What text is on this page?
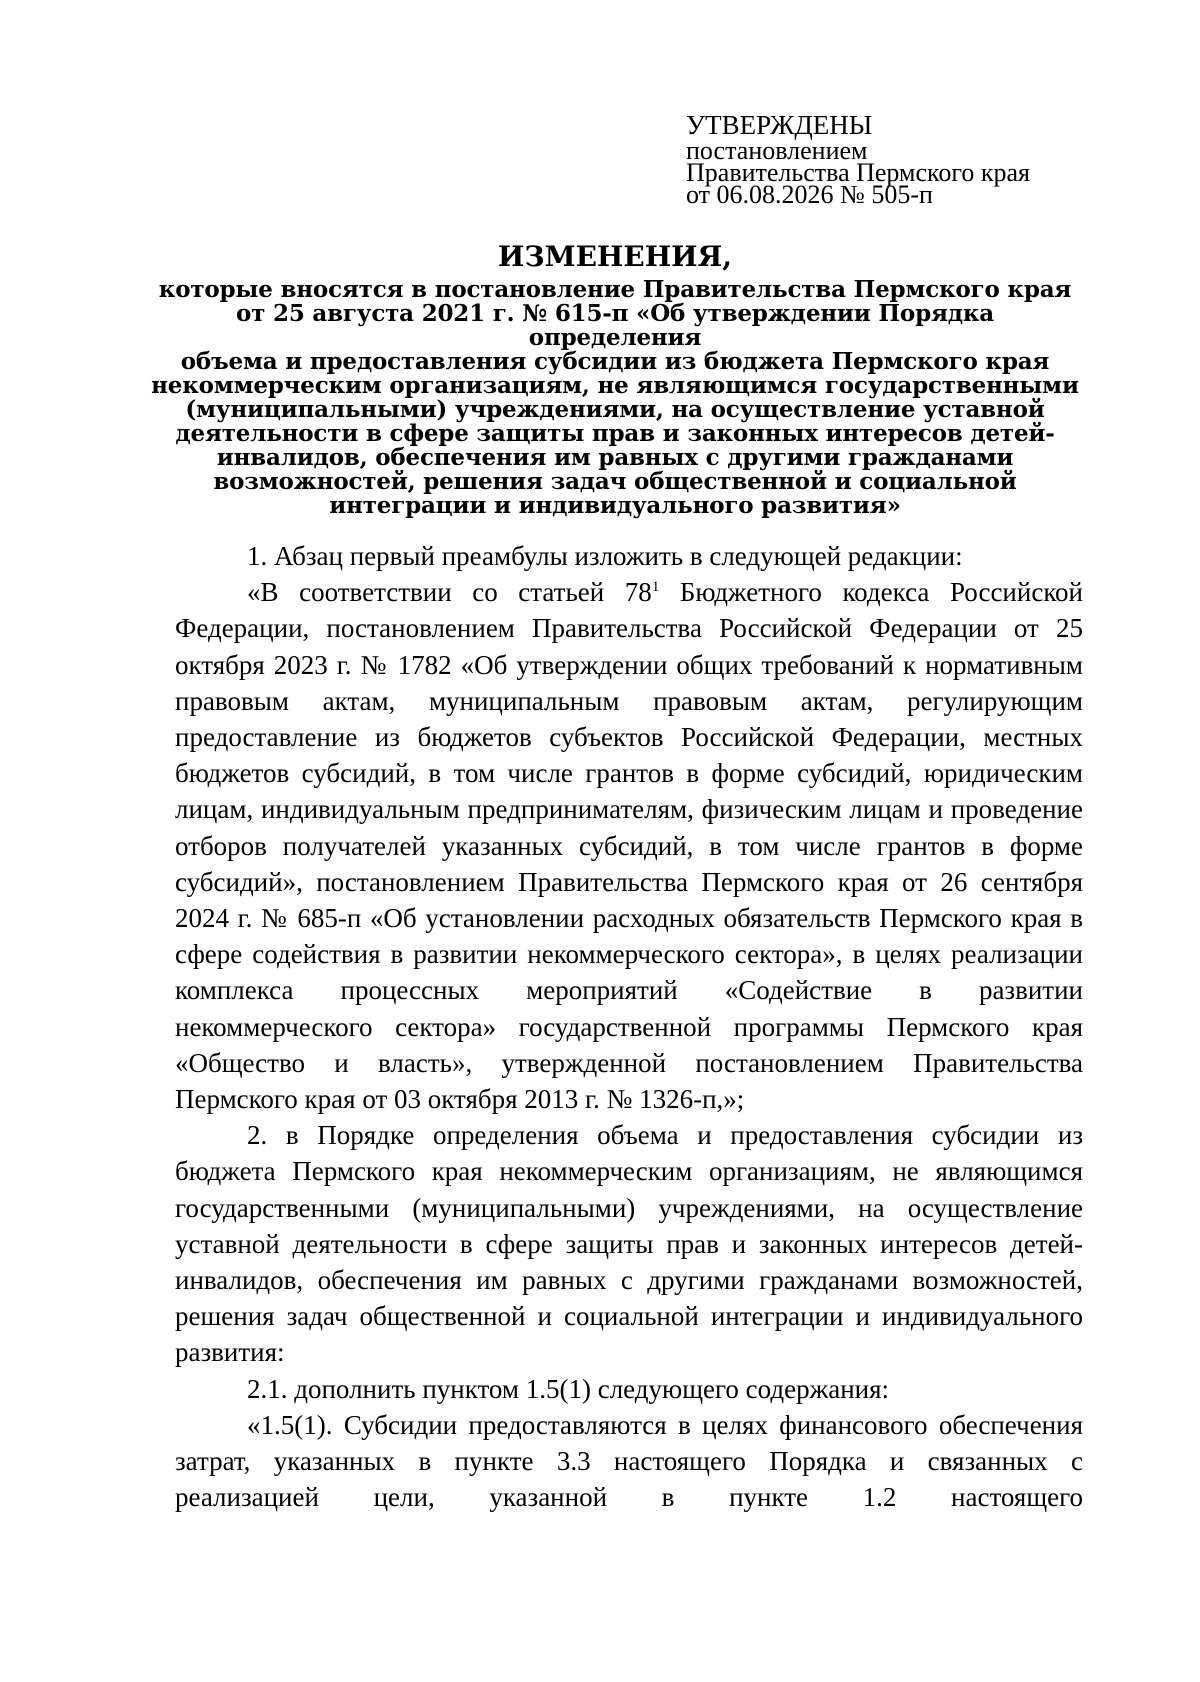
УТВЕРЖДЕНЫ
постановлением
Правительства Пермского края
от 06.08.2026 № 505-п

ИЗМЕНЕНИЯ,

которые вносятся в постановление Правительства Пермского края
от 25 августа 2021 г. № 615-п «Об утверждении Порядка определения
объема и предоставления субсидии из бюджета Пермского края
некоммерческим организациям, не являющимся государственными
(муниципальными) учреждениями, на осуществление уставной
деятельности в сфере защиты прав и законных интересов детей-
инвалидов, обеспечения им равных с другими гражданами
возможностей, решения задач общественной и социальной
интеграции и индивидуального развития»

1. Абзац первый преамбулы изложить в следующей редакции:

«В соответствии со статьей $78^1$ Бюджетного кодекса Российской Федерации, постановлением Правительства Российской Федерации от 25 октября 2023 г. № 1782 «Об утверждении общих требований к нормативным правовым актам, муниципальным правовым актам, регулирующим предоставление из бюджетов субъектов Российской Федерации, местных бюджетов субсидий, в том числе грантов в форме субсидий, юридическим лицам, индивидуальным предпринимателям, физическим лицам и проведение отборов получателей указанных субсидий, в том числе грантов в форме субсидий», постановлением Правительства Пермского края от 26 сентября 2024 г. № 685-п «Об установлении расходных обязательств Пермского края в сфере содействия в развитии некоммерческого сектора», в целях реализации комплекса процессных мероприятий «Содействие в развитии некоммерческого сектора» государственной программы Пермского края «Общество и власть», утвержденной постановлением Правительства Пермского края от 03 октября 2013 г. № 1326-п,»;

2. в Порядке определения объема и предоставления субсидии из бюджета Пермского края некоммерческим организациям, не являющимся государственными (муниципальными) учреждениями, на осуществление уставной деятельности в сфере защиты прав и законных интересов детей-инвалидов, обеспечения им равных с другими гражданами возможностей, решения задач общественной и социальной интеграции и индивидуального развития:

2.1. дополнить пунктом 1.5(1) следующего содержания:

«1.5(1). Субсидии предоставляются в целях финансового обеспечения затрат, указанных в пункте 3.3 настоящего Порядка и связанных с реализацией цели, указанной в пункте 1.2 настоящего
